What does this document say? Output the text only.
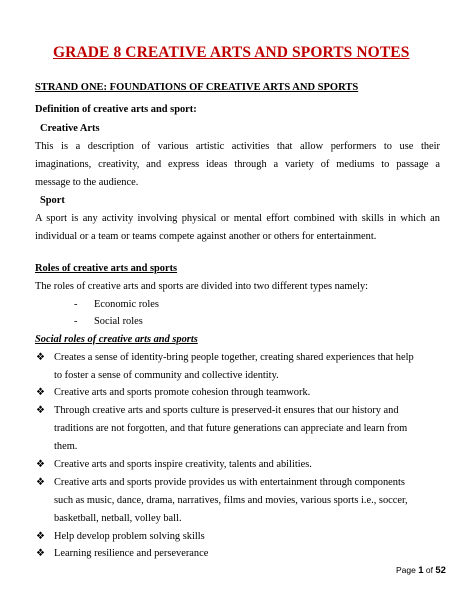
GRADE 8 CREATIVE ARTS AND SPORTS NOTES
STRAND ONE: FOUNDATIONS OF CREATIVE ARTS AND SPORTS
Definition of creative arts and sport:
Creative Arts
This is a description of various artistic activities that allow performers to use their
imaginations, creativity, and express ideas through a variety of mediums to passage a
message to the audience.
Sport
A sport is any activity involving physical or mental effort combined with skills in which an
individual or a team or teams compete against another or others for entertainment.
Roles of creative arts and sports
The roles of creative arts and sports are divided into two different types namely:
- Economic roles
- Social roles
Social roles of creative arts and sports
❖ Creates a sense of identity-bring people together, creating shared experiences that help
to foster a sense of community and collective identity.
❖ Creative arts and sports promote cohesion through teamwork.
❖ Through creative arts and sports culture is preserved-it ensures that our history and
traditions are not forgotten, and that future generations can appreciate and learn from
them.
❖ Creative arts and sports inspire creativity, talents and abilities.
❖ Creative arts and sports provide provides us with entertainment through components
such as music, dance, drama, narratives, films and movies, various sports i.e., soccer,
basketball, netball, volley ball.
❖ Help develop problem solving skills
❖ Learning resilience and perseverance
Page 1 of 52
